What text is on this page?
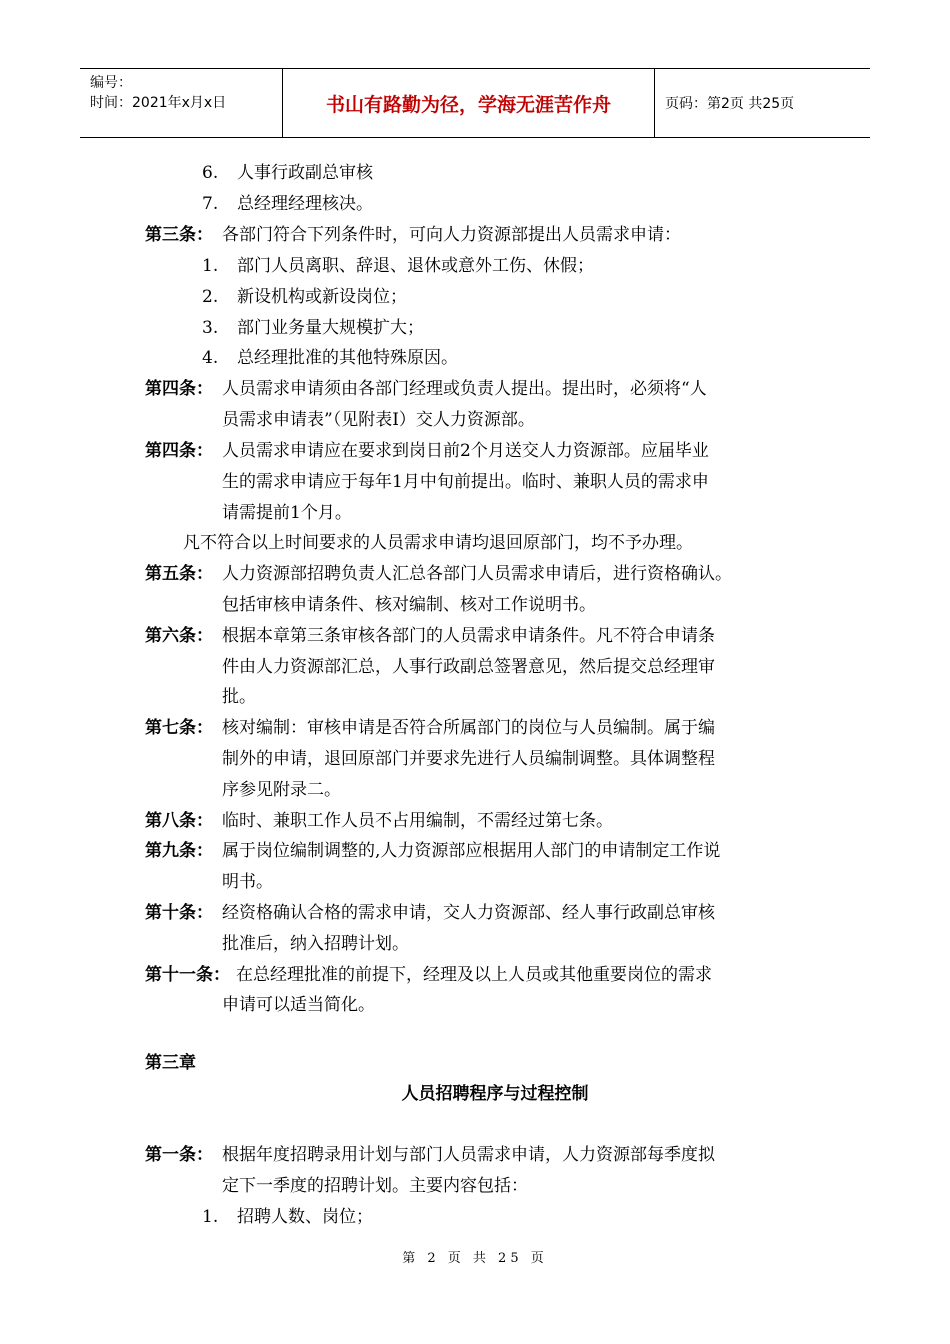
编号：
时间：2021年x月x日	书山有路勤为径，学海无涯苦作舟	页码：第2页 共25页
6. 人事行政副总审核
7. 总经理经理核决。
第三条： 各部门符合下列条件时，可向人力资源部提出人员需求申请：
1. 部门人员离职、辞退、退休或意外工伤、休假；
2. 新设机构或新设岗位；
3. 部门业务量大规模扩大；
4. 总经理批准的其他特殊原因。
第四条： 人员需求申请须由各部门经理或负责人提出。提出时，必须将“人
员需求申请表”（见附表Ⅰ）交人力资源部。
第四条： 人员需求申请应在要求到岗日前2个月送交人力资源部。应届毕业
生的需求申请应于每年1月中旬前提出。临时、兼职人员的需求申
请需提前1个月。
凡不符合以上时间要求的人员需求申请均退回原部门，均不予办理。
第五条： 人力资源部招聘负责人汇总各部门人员需求申请后，进行资格确认。
包括审核申请条件、核对编制、核对工作说明书。
第六条： 根据本章第三条审核各部门的人员需求申请条件。凡不符合申请条
件由人力资源部汇总，人事行政副总签署意见，然后提交总经理审
批。
第七条： 核对编制：审核申请是否符合所属部门的岗位与人员编制。属于编
制外的申请，退回原部门并要求先进行人员编制调整。具体调整程
序参见附录二。
第八条： 临时、兼职工作人员不占用编制，不需经过第七条。
第九条： 属于岗位编制调整的,人力资源部应根据用人部门的申请制定工作说
明书。
第十条： 经资格确认合格的需求申请，交人力资源部、经人事行政副总审核
批准后，纳入招聘计划。
第十一条： 在总经理批准的前提下，经理及以上人员或其他重要岗位的需求
申请可以适当简化。
第三章
人员招聘程序与过程控制
第一条： 根据年度招聘录用计划与部门人员需求申请，人力资源部每季度拟
定下一季度的招聘计划。主要内容包括：
1. 招聘人数、岗位；
第 2 页 共 25 页
